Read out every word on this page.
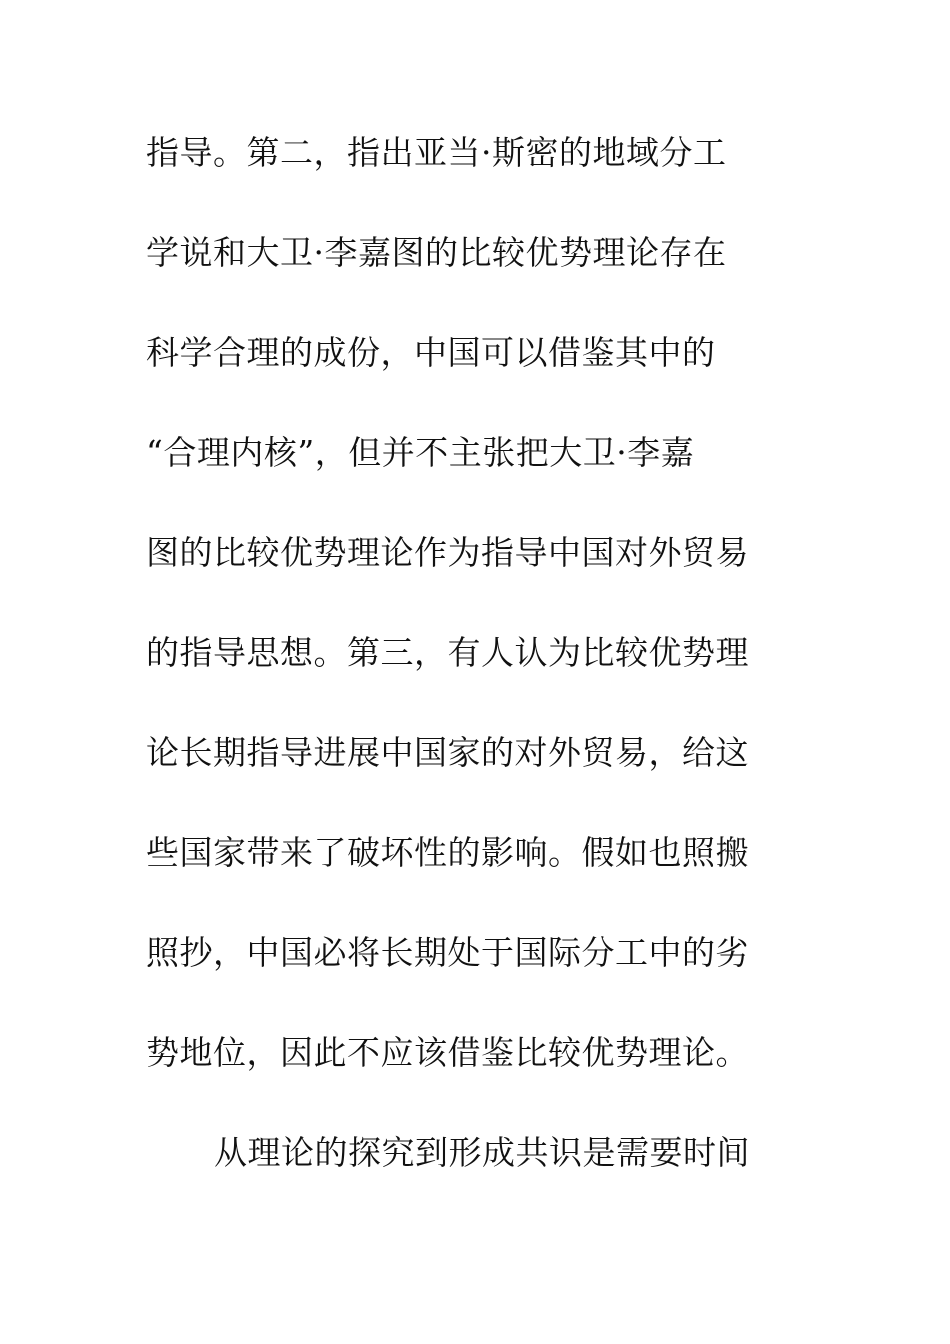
指导。第二，指出亚当·斯密的地域分工
学说和大卫·李嘉图的比较优势理论存在
科学合理的成份，中国可以借鉴其中的
“合理内核”，但并不主张把大卫·李嘉
图的比较优势理论作为指导中国对外贸易
的指导思想。第三，有人认为比较优势理
论长期指导进展中国家的对外贸易，给这
些国家带来了破坏性的影响。假如也照搬
照抄，中国必将长期处于国际分工中的劣
势地位，因此不应该借鉴比较优势理论。
从理论的探究到形成共识是需要时间
